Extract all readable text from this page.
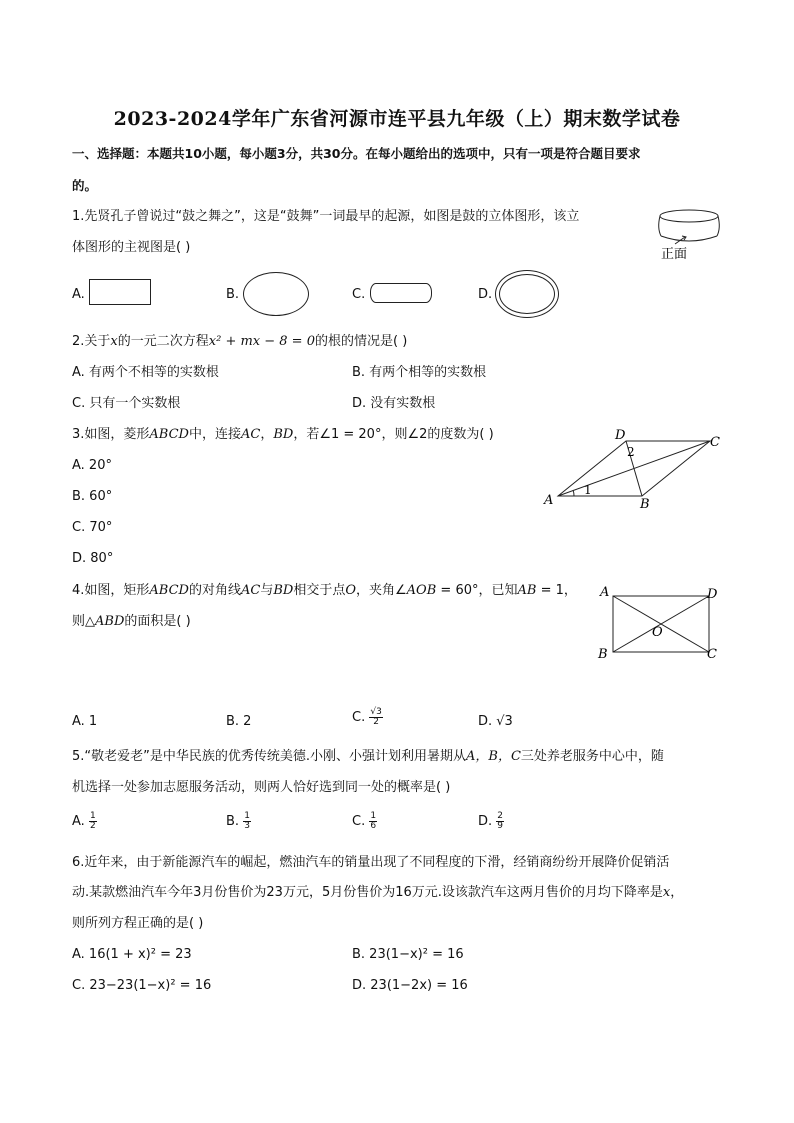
2023-2024学年广东省河源市连平县九年级（上）期末数学试卷
一、选择题：本题共10小题，每小题3分，共30分。在每小题给出的选项中，只有一项是符合题目要求
的。
1.先贤孔子曾说过“鼓之舞之”，这是“鼓舞”一词最早的起源，如图是鼓的立体图形，该立
体图形的主视图是( )	正面
A.	B.	C.	D.
2.关于x的一元二次方程x² + mx − 8 = 0的根的情况是( )
A. 有两个不相等的实数根	B. 有两个相等的实数根
C. 只有一个实数根	D. 没有实数根
3.如图，菱形ABCD中，连接AC，BD，若∠1 = 20°，则∠2的度数为( )
A. 20°
B. 60°
C. 70°
D. 80°
A	B
C
D
1
2
4.如图，矩形ABCD的对角线AC与BD相交于点O，夹角∠AOB = 60°，已知AB = 1，
则△ABD的面积是( )
A
B	C
D
O
A. 1	B. 2	C. $\frac{√3}{2}$	D. √3
5.“敬老爱老”是中华民族的优秀传统美德.小刚、小强计划利用暑期从A，B，C三处养老服务中心中，随
机选择一处参加志愿服务活动，则两人恰好选到同一处的概率是( )
A. $\frac{1}{2}$	B. $\frac{1}{3}$	C. $\frac{1}{6}$	D. $\frac{2}{9}$
6.近年来，由于新能源汽车的崛起，燃油汽车的销量出现了不同程度的下滑，经销商纷纷开展降价促销活
动.某款燃油汽车今年3月份售价为23万元，5月份售价为16万元.设该款汽车这两月售价的月均下降率是x，
则所列方程正确的是( )
A. 16(1 + x)² = 23	B. 23(1−x)² = 16
C. 23−23(1−x)² = 16	D. 23(1−2x) = 16
